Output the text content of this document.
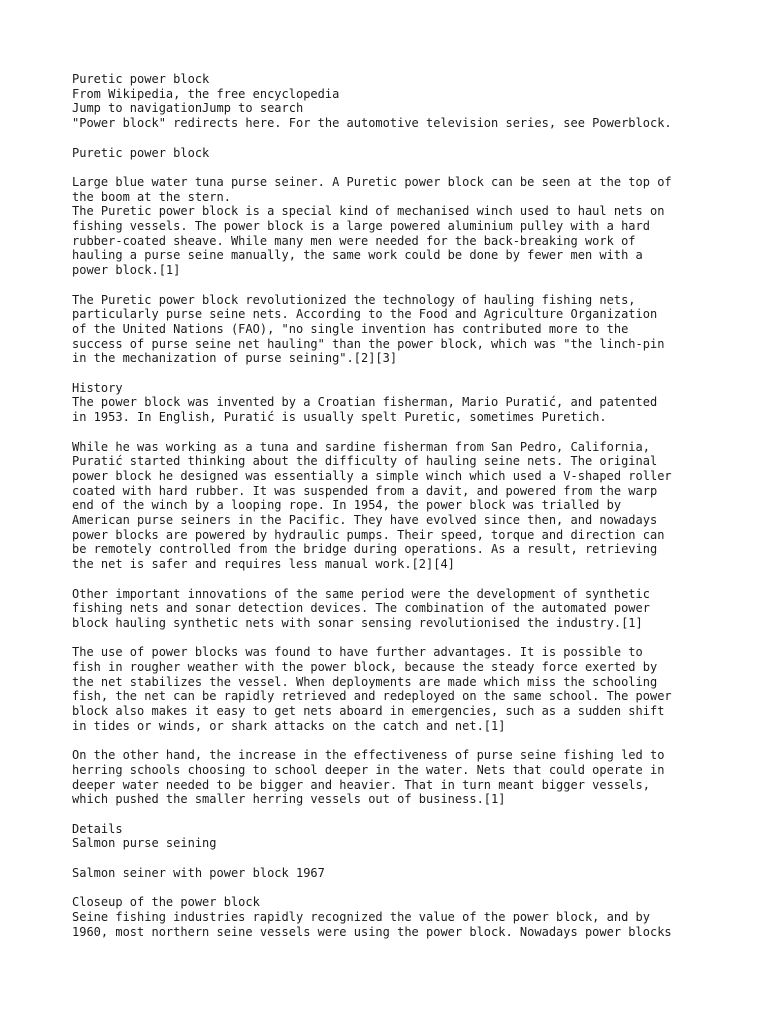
Puretic power block
From Wikipedia, the free encyclopedia
Jump to navigationJump to search
"Power block" redirects here. For the automotive television series, see Powerblock.
Puretic power block
Large blue water tuna purse seiner. A Puretic power block can be seen at the top of
the boom at the stern.
The Puretic power block is a special kind of mechanised winch used to haul nets on
fishing vessels. The power block is a large powered aluminium pulley with a hard
rubber-coated sheave. While many men were needed for the back-breaking work of
hauling a purse seine manually, the same work could be done by fewer men with a
power block.[1]
The Puretic power block revolutionized the technology of hauling fishing nets,
particularly purse seine nets. According to the Food and Agriculture Organization
of the United Nations (FAO), "no single invention has contributed more to the
success of purse seine net hauling" than the power block, which was "the linch-pin
in the mechanization of purse seining".[2][3]
History
The power block was invented by a Croatian fisherman, Mario Puratić, and patented
in 1953. In English, Puratić is usually spelt Puretic, sometimes Puretich.
While he was working as a tuna and sardine fisherman from San Pedro, California,
Puratić started thinking about the difficulty of hauling seine nets. The original
power block he designed was essentially a simple winch which used a V-shaped roller
coated with hard rubber. It was suspended from a davit, and powered from the warp
end of the winch by a looping rope. In 1954, the power block was trialled by
American purse seiners in the Pacific. They have evolved since then, and nowadays
power blocks are powered by hydraulic pumps. Their speed, torque and direction can
be remotely controlled from the bridge during operations. As a result, retrieving
the net is safer and requires less manual work.[2][4]
Other important innovations of the same period were the development of synthetic
fishing nets and sonar detection devices. The combination of the automated power
block hauling synthetic nets with sonar sensing revolutionised the industry.[1]
The use of power blocks was found to have further advantages. It is possible to
fish in rougher weather with the power block, because the steady force exerted by
the net stabilizes the vessel. When deployments are made which miss the schooling
fish, the net can be rapidly retrieved and redeployed on the same school. The power
block also makes it easy to get nets aboard in emergencies, such as a sudden shift
in tides or winds, or shark attacks on the catch and net.[1]
On the other hand, the increase in the effectiveness of purse seine fishing led to
herring schools choosing to school deeper in the water. Nets that could operate in
deeper water needed to be bigger and heavier. That in turn meant bigger vessels,
which pushed the smaller herring vessels out of business.[1]
Details
Salmon purse seining
Salmon seiner with power block 1967
Closeup of the power block
Seine fishing industries rapidly recognized the value of the power block, and by
1960, most northern seine vessels were using the power block. Nowadays power blocks
